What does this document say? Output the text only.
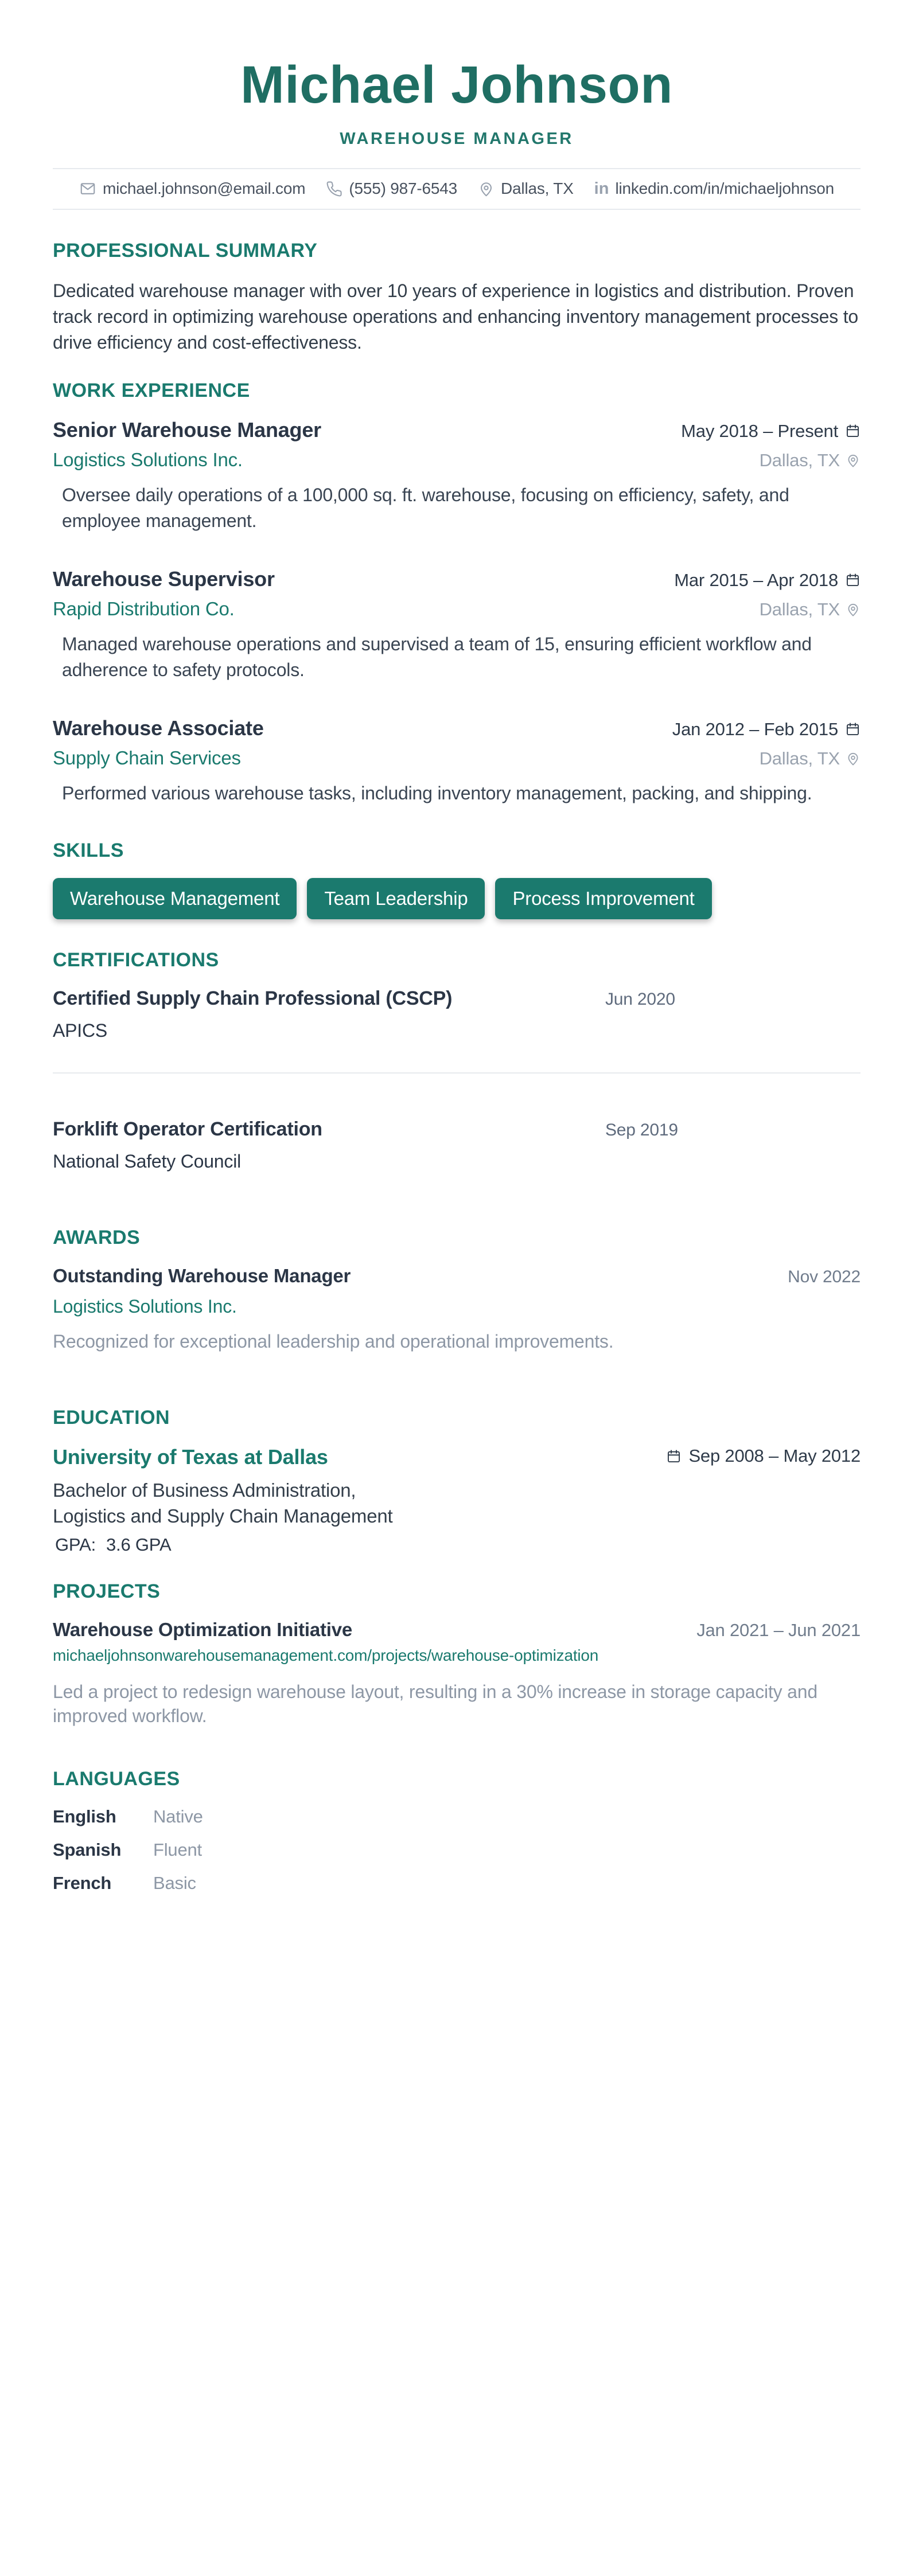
Michael Johnson
WAREHOUSE MANAGER
michael.johnson@email.com	(555) 987-6543	Dallas, TX in linkedin.com/in/michaeljohnson
PROFESSIONAL SUMMARY

Dedicated warehouse manager with over 10 years of experience in logistics and distribution. Proven track record in optimizing warehouse operations and enhancing inventory management processes to drive efficiency and cost-effectiveness.

WORK EXPERIENCE
Senior Warehouse Manager	May 2018 – Present
Logistics Solutions Inc.	Dallas, TX
Oversee daily operations of a 100,000 sq. ft. warehouse, focusing on efficiency, safety, and employee management.
Warehouse Supervisor	Mar 2015 – Apr 2018
Rapid Distribution Co.	Dallas, TX
Managed warehouse operations and supervised a team of 15, ensuring efficient workflow and adherence to safety protocols.
Warehouse Associate	Jan 2012 – Feb 2015
Supply Chain Services	Dallas, TX
Performed various warehouse tasks, including inventory management, packing, and shipping.
SKILLS
Warehouse Management	Team Leadership	Process Improvement
CERTIFICATIONS
Certified Supply Chain Professional (CSCP)
APICS
Jun 2020
Forklift Operator Certification
National Safety Council
Sep 2019
AWARDS
Outstanding Warehouse Manager	Nov 2022
Logistics Solutions Inc.
Recognized for exceptional leadership and operational improvements.
EDUCATION
University of Texas at Dallas	Sep 2008 – May 2012
Bachelor of Business Administration, Logistics and Supply Chain Management
GPA: 3.6 GPA
PROJECTS
Warehouse Optimization Initiative	Jan 2021 – Jun 2021
michaeljohnsonwarehousemanagement.com/projects/warehouse-optimization
Led a project to redesign warehouse layout, resulting in a 30% increase in storage capacity and improved workflow.
LANGUAGES
English	Native
Spanish	Fluent
French	Basic
